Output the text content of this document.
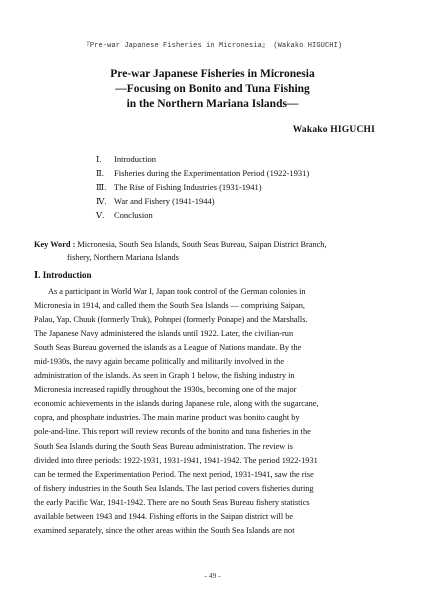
『Pre-war Japanese Fisheries in Micronesia』 (Wakako HIGUCHI)
Pre-war Japanese Fisheries in Micronesia
—Focusing on Bonito and Tuna Fishing
in the Northern Mariana Islands—
Wakako HIGUCHI
Ⅰ.	Introduction
Ⅱ.	Fisheries during the Experimentation Period (1922-1931)
Ⅲ. The Rise of Fishing Industries (1931-1941)
Ⅳ. War and Fishery (1941-1944)
Ⅴ.	Conclusion
Key Word : Micronesia, South Sea Islands, South Seas Bureau, Saipan District Branch,
fishery, Northern Mariana Islands
Ⅰ. Introduction
As a participant in World War I, Japan took control of the German colonies in
Micronesia in 1914, and called them the South Sea Islands — comprising Saipan,
Palau, Yap, Chuuk (formerly Truk), Pohnpei (formerly Ponape) and the Marshalls.
The Japanese Navy administered the islands until 1922. Later, the civilian-run
South Seas Bureau governed the islands as a League of Nations mandate. By the
mid-1930s, the navy again became politically and militarily involved in the
administration of the islands. As seen in Graph 1 below, the fishing industry in
Micronesia increased rapidly throughout the 1930s, becoming one of the major
economic achievements in the islands during Japanese rule, along with the sugarcane,
copra, and phosphate industries. The main marine product was bonito caught by
pole-and-line. This report will review records of the bonito and tuna fisheries in the
South Sea Islands during the South Seas Bureau administration. The review is
divided into three periods: 1922-1931, 1931-1941, 1941-1942. The period 1922-1931
can be termed the Experimentation Period. The next period, 1931-1941, saw the rise
of fishery industries in the South Sea Islands. The last period covers fisheries during
the early Pacific War, 1941-1942. There are no South Seas Bureau fishery statistics
available between 1943 and 1944. Fishing efforts in the Saipan district will be
examined separately, since the other areas within the South Sea Islands are not
- 49 -
